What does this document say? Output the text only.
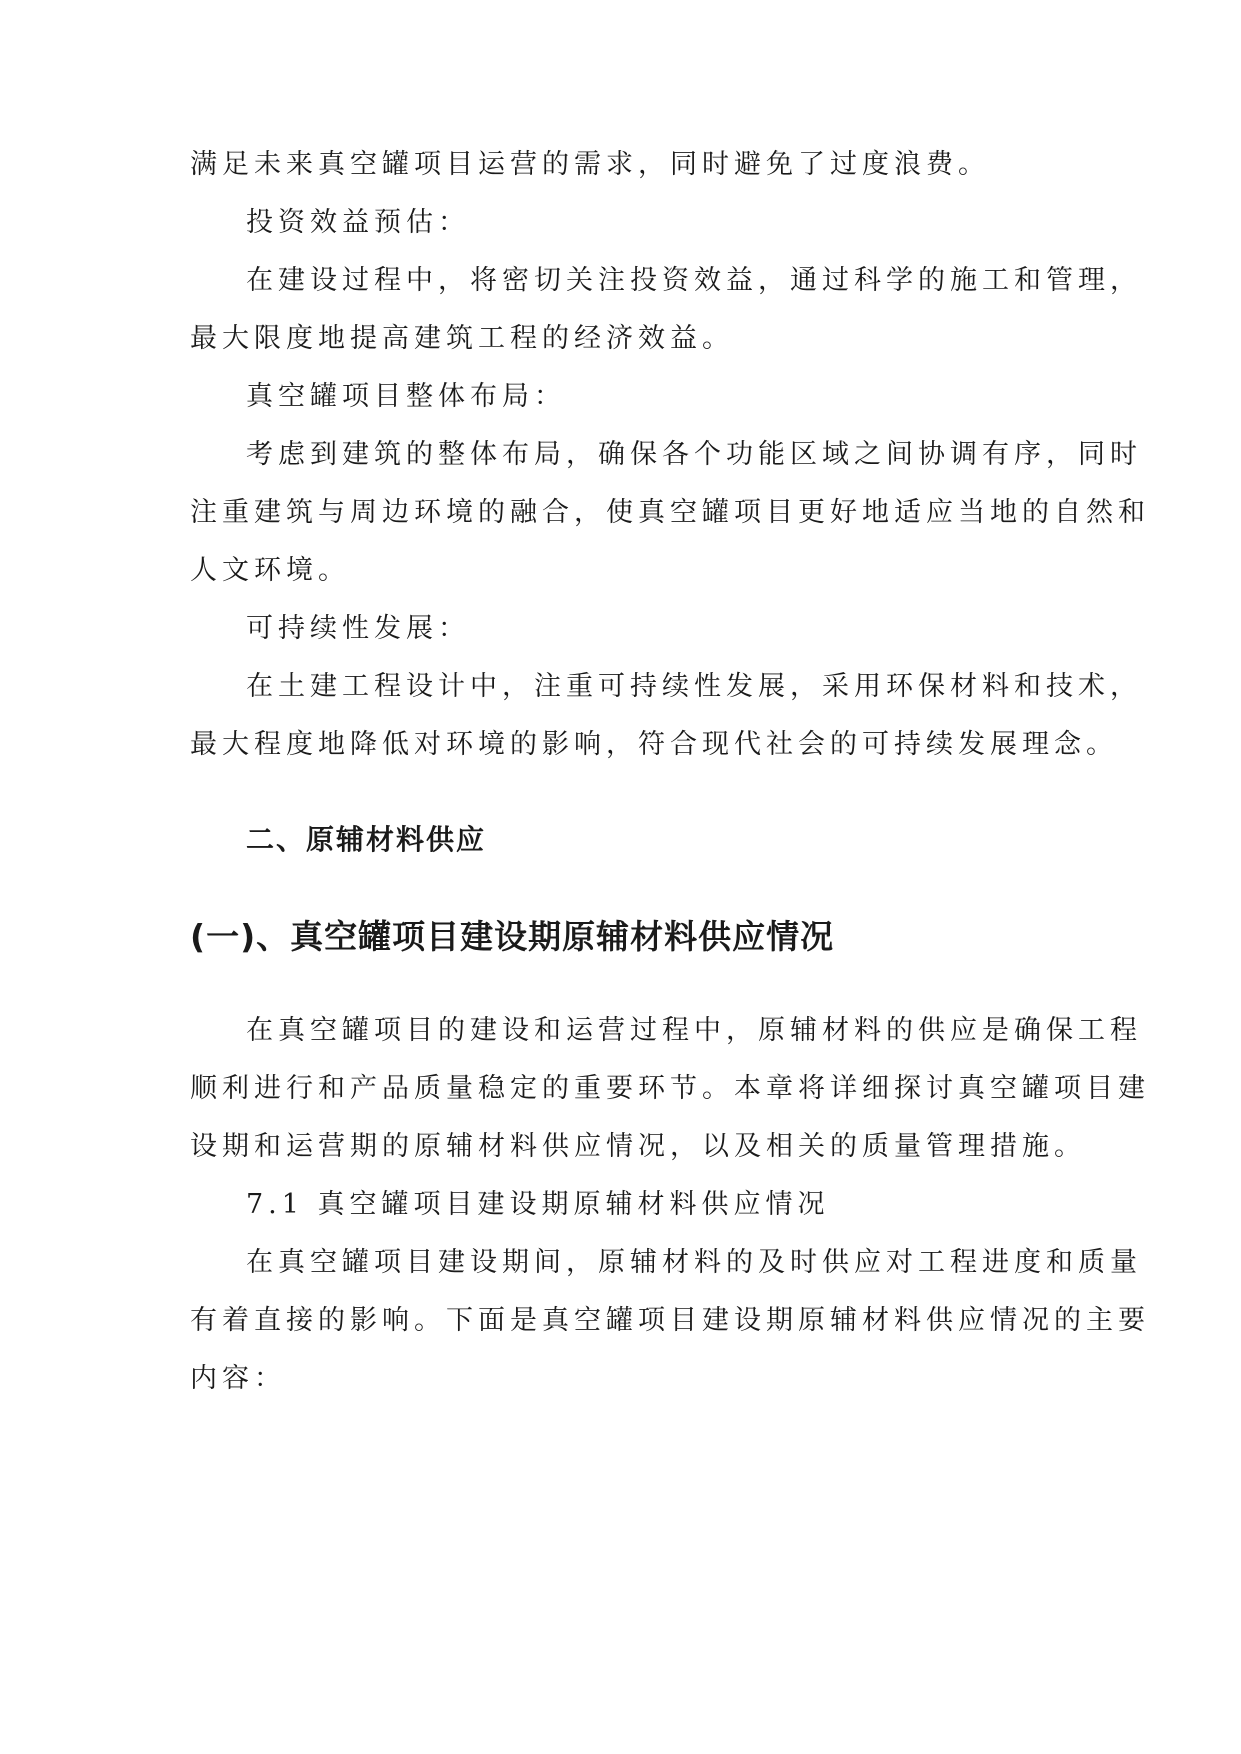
满足未来真空罐项目运营的需求，同时避免了过度浪费。
投资效益预估：
在建设过程中，将密切关注投资效益，通过科学的施工和管理，
最大限度地提高建筑工程的经济效益。
真空罐项目整体布局：
考虑到建筑的整体布局，确保各个功能区域之间协调有序，同时
注重建筑与周边环境的融合，使真空罐项目更好地适应当地的自然和
人文环境。
可持续性发展：
在土建工程设计中，注重可持续性发展，采用环保材料和技术，
最大程度地降低对环境的影响，符合现代社会的可持续发展理念。
二、原辅材料供应
(一)、真空罐项目建设期原辅材料供应情况
在真空罐项目的建设和运营过程中，原辅材料的供应是确保工程
顺利进行和产品质量稳定的重要环节。本章将详细探讨真空罐项目建
设期和运营期的原辅材料供应情况，以及相关的质量管理措施。
7.1 真空罐项目建设期原辅材料供应情况
在真空罐项目建设期间，原辅材料的及时供应对工程进度和质量
有着直接的影响。下面是真空罐项目建设期原辅材料供应情况的主要
内容：
